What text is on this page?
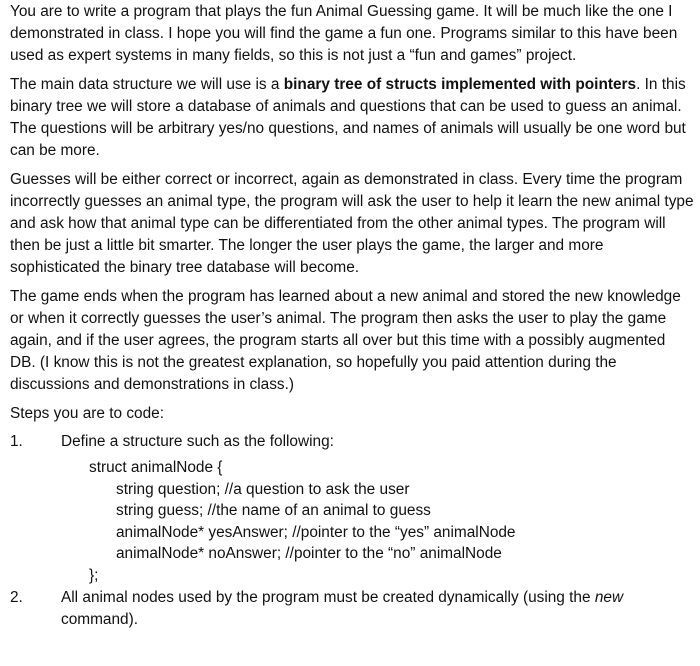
You are to write a program that plays the fun Animal Guessing game. It will be much like the one I demonstrated in class. I hope you will find the game a fun one. Programs similar to this have been used as expert systems in many fields, so this is not just a “fun and games” project.

The main data structure we will use is a binary tree of structs implemented with pointers. In this binary tree we will store a database of animals and questions that can be used to guess an animal. The questions will be arbitrary yes/no questions, and names of animals will usually be one word but can be more.

Guesses will be either correct or incorrect, again as demonstrated in class. Every time the program incorrectly guesses an animal type, the program will ask the user to help it learn the new animal type and ask how that animal type can be differentiated from the other animal types. The program will then be just a little bit smarter. The longer the user plays the game, the larger and more sophisticated the binary tree database will become.

The game ends when the program has learned about a new animal and stored the new knowledge or when it correctly guesses the user’s animal. The program then asks the user to play the game again, and if the user agrees, the program starts all over but this time with a possibly augmented DB. (I know this is not the greatest explanation, so hopefully you paid attention during the discussions and demonstrations in class.)

Steps you are to code:

1. Define a structure such as the following:
struct animalNode {
string question; //a question to ask the user
string guess; //the name of an animal to guess
animalNode* yesAnswer; //pointer to the “yes” animalNode
animalNode* noAnswer; //pointer to the “no” animalNode
};
2. All animal nodes used by the program must be created dynamically (using the new command).
